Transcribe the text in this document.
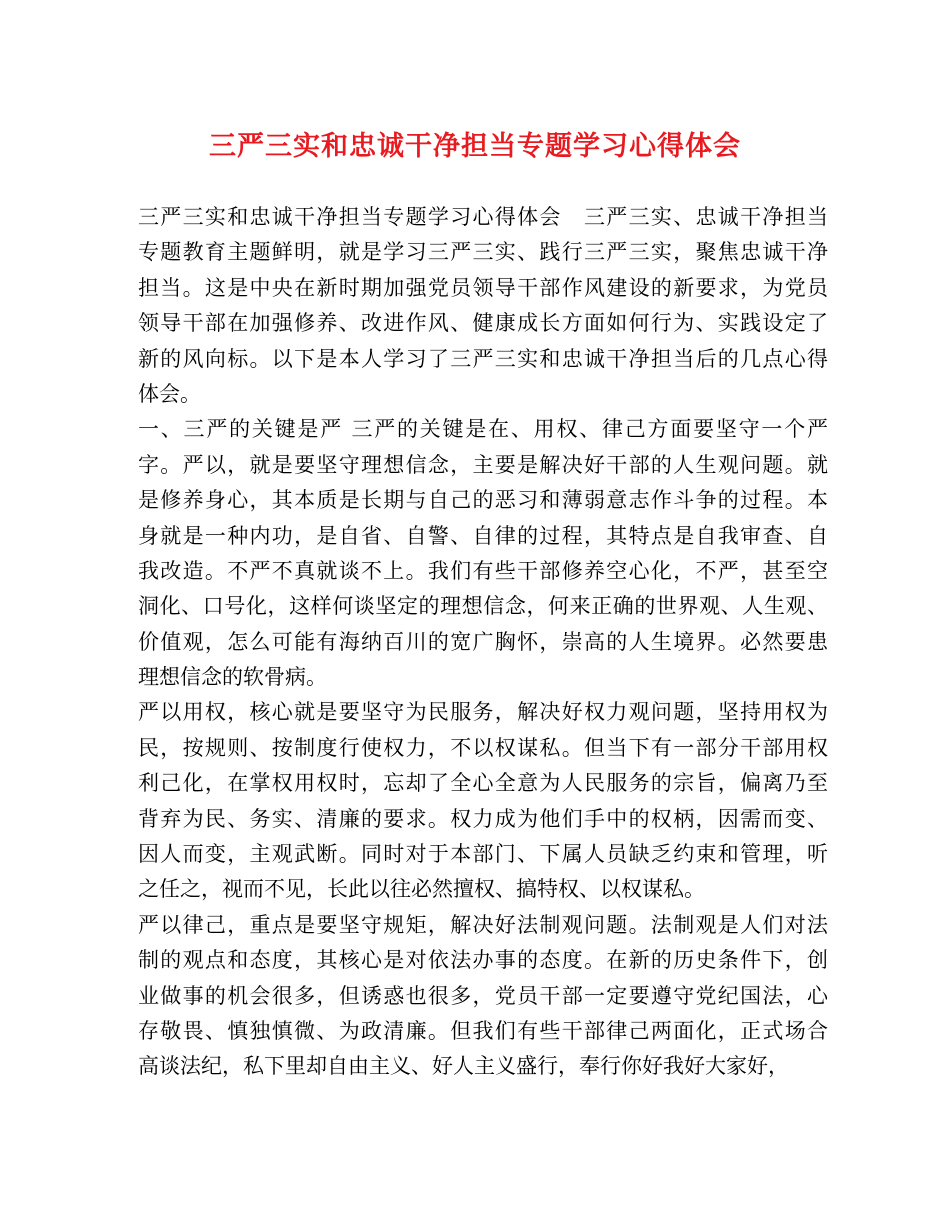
三严三实和忠诚干净担当专题学习心得体会
三严三实和忠诚干净担当专题学习心得体会　三严三实、忠诚干净担当
专题教育主题鲜明，就是学习三严三实、践行三严三实，聚焦忠诚干净
担当。这是中央在新时期加强党员领导干部作风建设的新要求，为党员
领导干部在加强修养、改进作风、健康成长方面如何行为、实践设定了
新的风向标。以下是本人学习了三严三实和忠诚干净担当后的几点心得
体会。
一、三严的关键是严 三严的关键是在、用权、律己方面要坚守一个严
字。严以，就是要坚守理想信念，主要是解决好干部的人生观问题。就
是修养身心，其本质是长期与自己的恶习和薄弱意志作斗争的过程。本
身就是一种内功，是自省、自警、自律的过程，其特点是自我审查、自
我改造。不严不真就谈不上。我们有些干部修养空心化，不严，甚至空
洞化、口号化，这样何谈坚定的理想信念，何来正确的世界观、人生观、
价值观，怎么可能有海纳百川的宽广胸怀，崇高的人生境界。必然要患
理想信念的软骨病。
严以用权，核心就是要坚守为民服务，解决好权力观问题，坚持用权为
民，按规则、按制度行使权力，不以权谋私。但当下有一部分干部用权
利己化，在掌权用权时，忘却了全心全意为人民服务的宗旨，偏离乃至
背弃为民、务实、清廉的要求。权力成为他们手中的权柄，因需而变、
因人而变，主观武断。同时对于本部门、下属人员缺乏约束和管理，听
之任之，视而不见，长此以往必然擅权、搞特权、以权谋私。
严以律己，重点是要坚守规矩，解决好法制观问题。法制观是人们对法
制的观点和态度，其核心是对依法办事的态度。在新的历史条件下，创
业做事的机会很多，但诱惑也很多，党员干部一定要遵守党纪国法，心
存敬畏、慎独慎微、为政清廉。但我们有些干部律己两面化，正式场合
高谈法纪，私下里却自由主义、好人主义盛行，奉行你好我好大家好，
